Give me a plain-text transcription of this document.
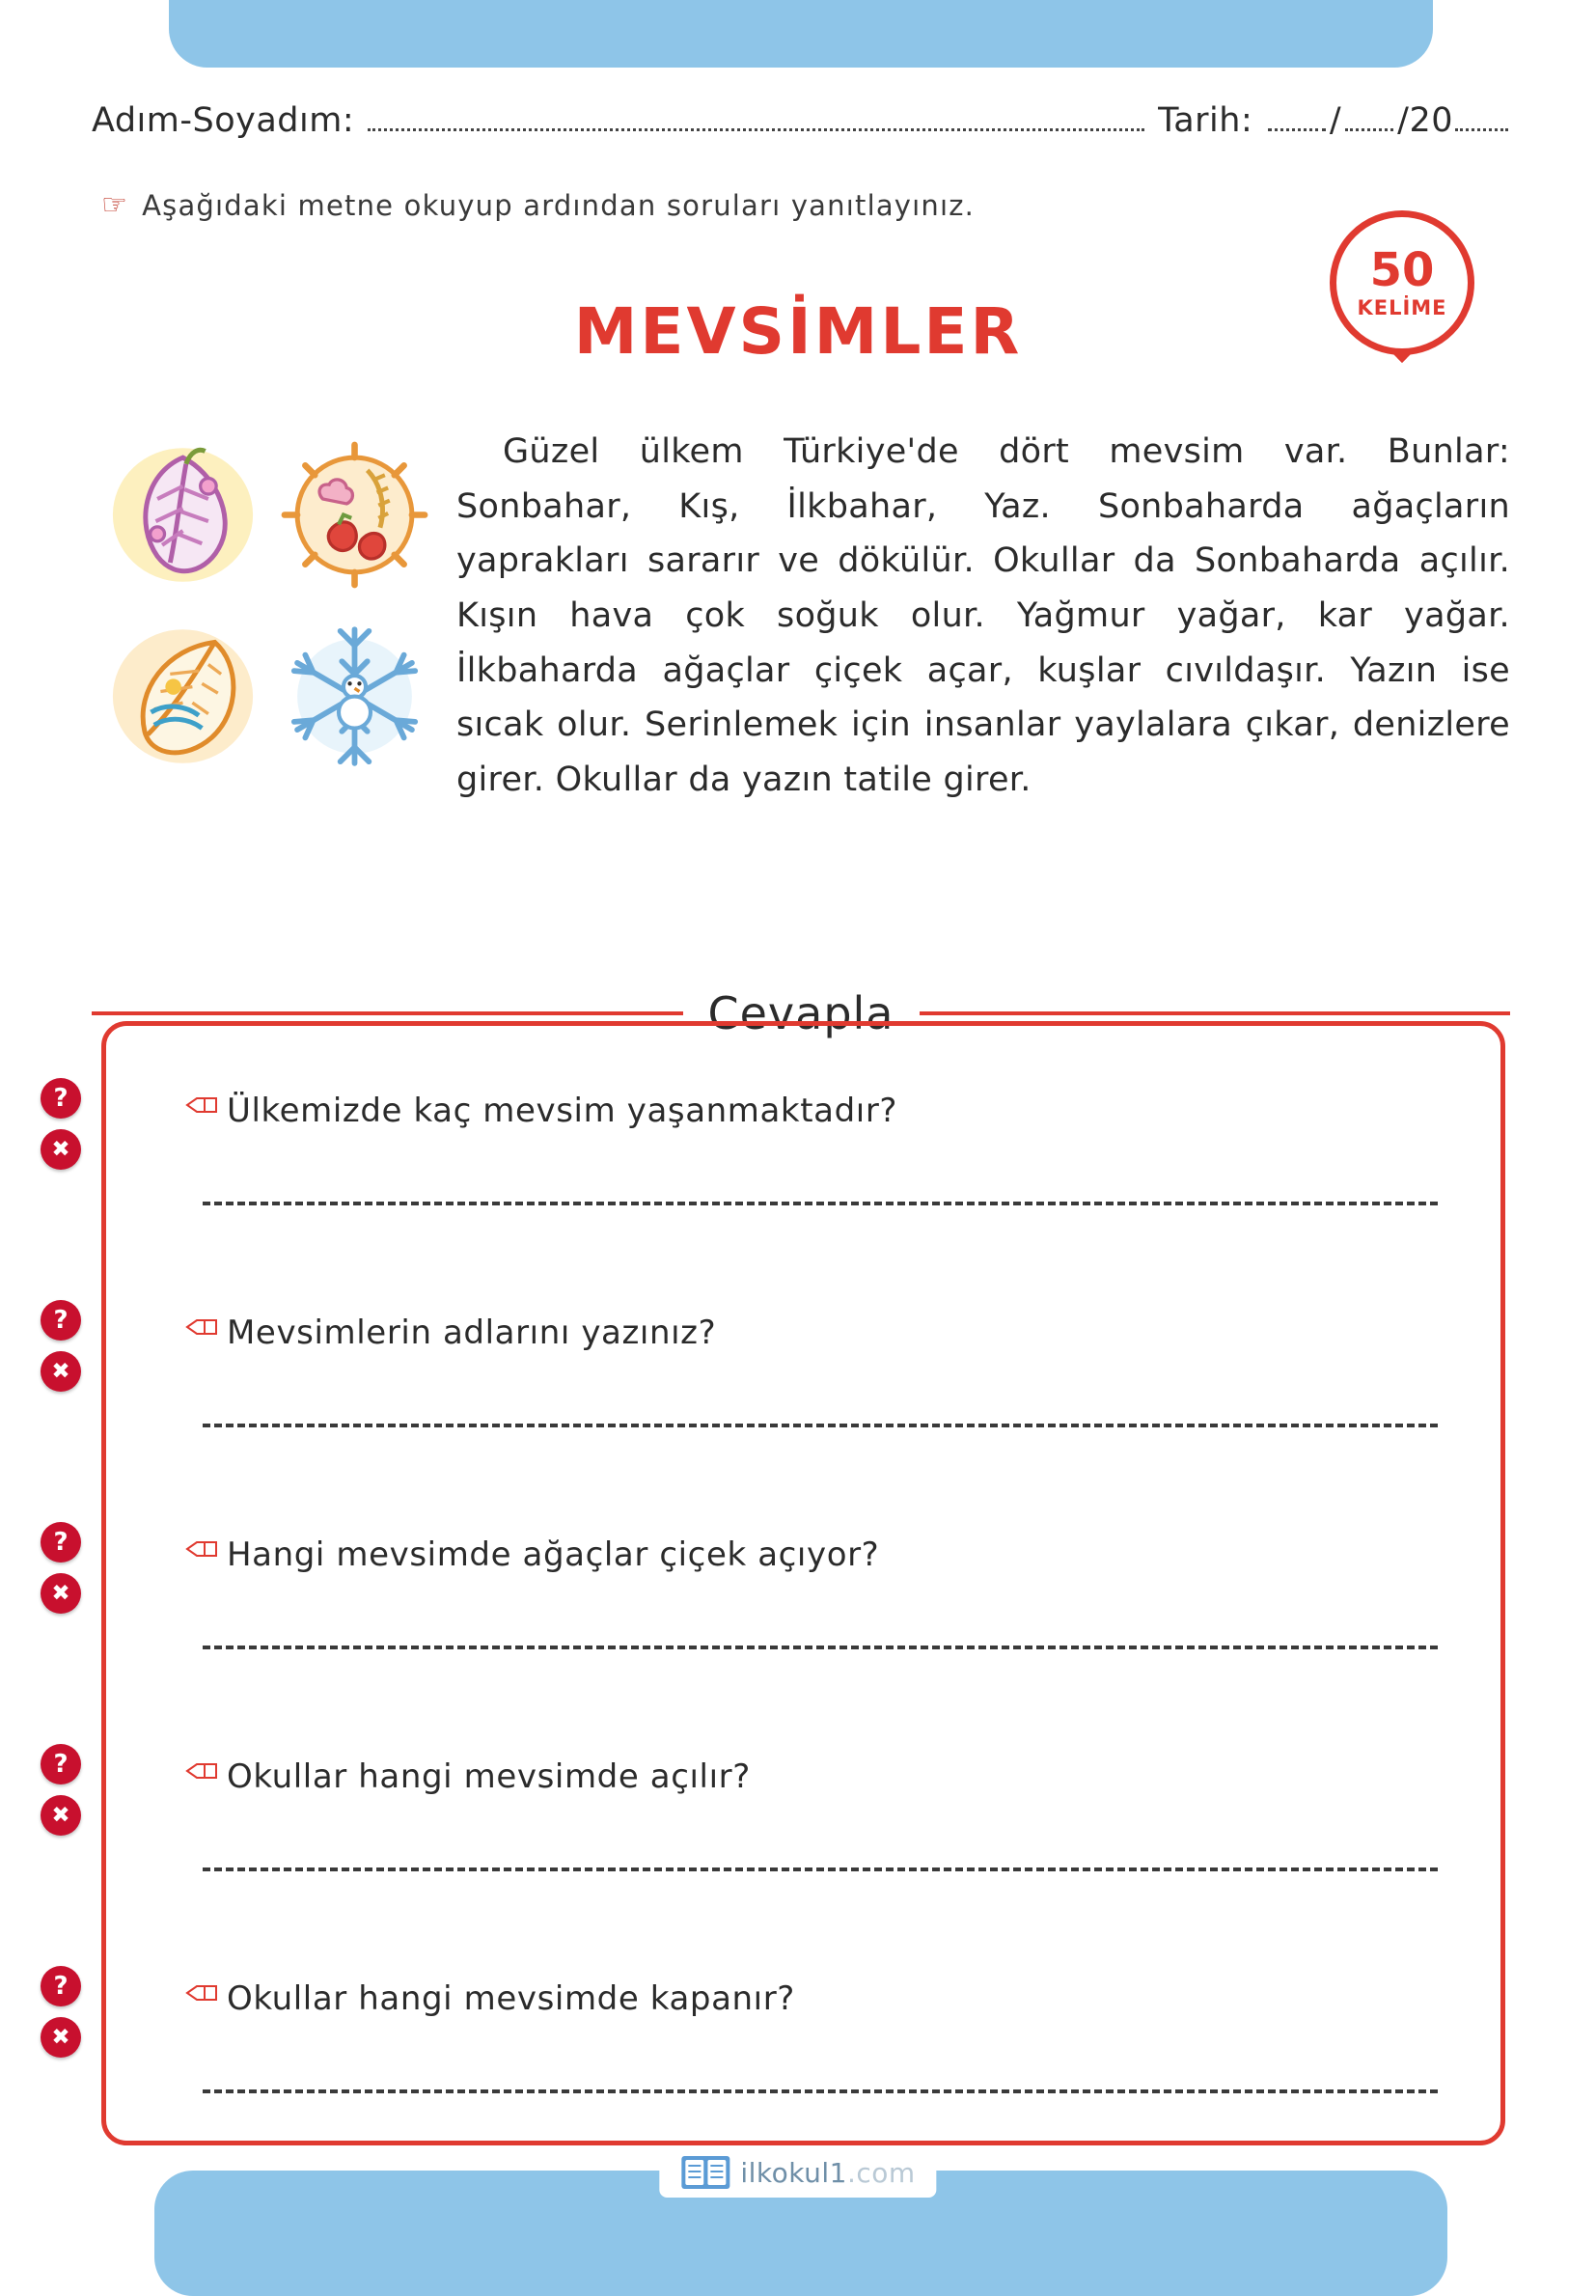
Adım-Soyadım:	Tarih: / /20
☞ Aşağıdaki metne okuyup ardından soruları yanıtlayınız.
MEVSİMLER
50
KELİME
Güzel ülkem Türkiye'de dört mevsim var. Bunlar: Sonbahar, Kış, İlkbahar, Yaz. Sonbaharda ağaçların yaprakları sararır ve dökülür. Okullar da Sonbaharda açılır. Kışın hava çok soğuk olur. Yağmur yağar, kar yağar. İlkbaharda ağaçlar çiçek açar, kuşlar cıvıldaşır. Yazın ise sıcak olur. Serinlemek için insanlar yaylalara çıkar, denizlere girer. Okullar da yazın tatile girer.
Cevapla
?
✖
Ülkemizde kaç mevsim yaşanmaktadır?
?
✖
Mevsimlerin adlarını yazınız?
?
✖
Hangi mevsimde ağaçlar çiçek açıyor?
?
✖
Okullar hangi mevsimde açılır?
?
✖
Okullar hangi mevsimde kapanır?
ilkokul1.com
